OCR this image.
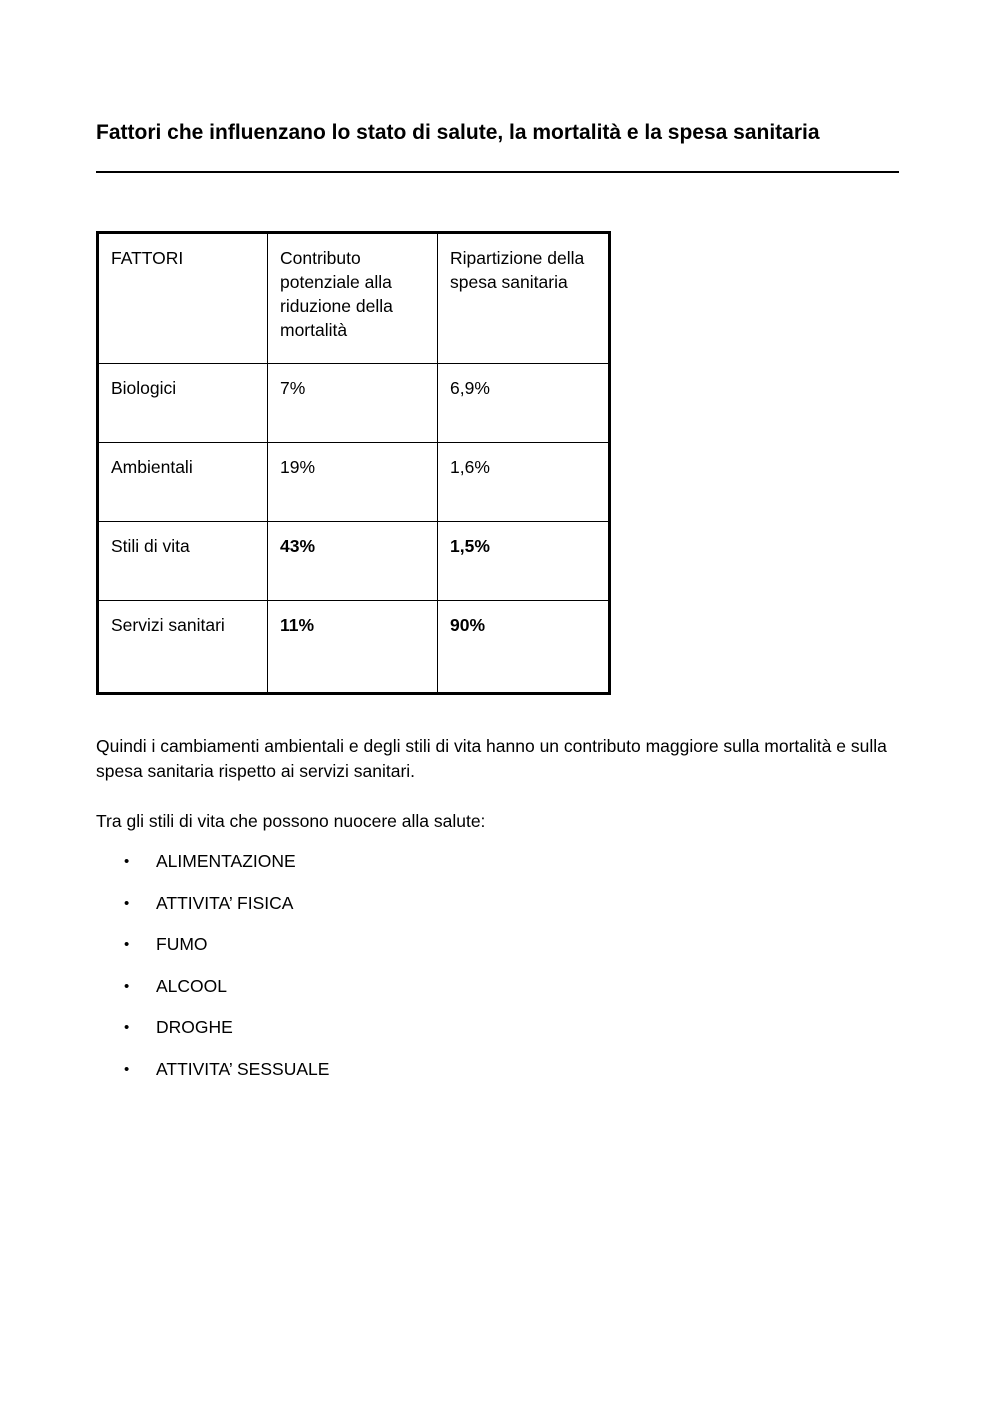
Fattori che influenzano lo stato di salute, la mortalità e la spesa sanitaria
FATTORI	Contributo potenziale alla riduzione della mortalità	Ripartizione della spesa sanitaria
Biologici	7%	6,9%
Ambientali	19%	1,6%
Stili di vita	43%	1,5%
Servizi sanitari	11%	90%

Quindi i cambiamenti ambientali e degli stili di vita hanno un contributo maggiore sulla mortalità e sulla spesa sanitaria rispetto ai servizi sanitari.

Tra gli stili di vita che possono nuocere alla salute:

• ALIMENTAZIONE
• ATTIVITA’ FISICA
• FUMO
• ALCOOL
• DROGHE
• ATTIVITA’ SESSUALE
